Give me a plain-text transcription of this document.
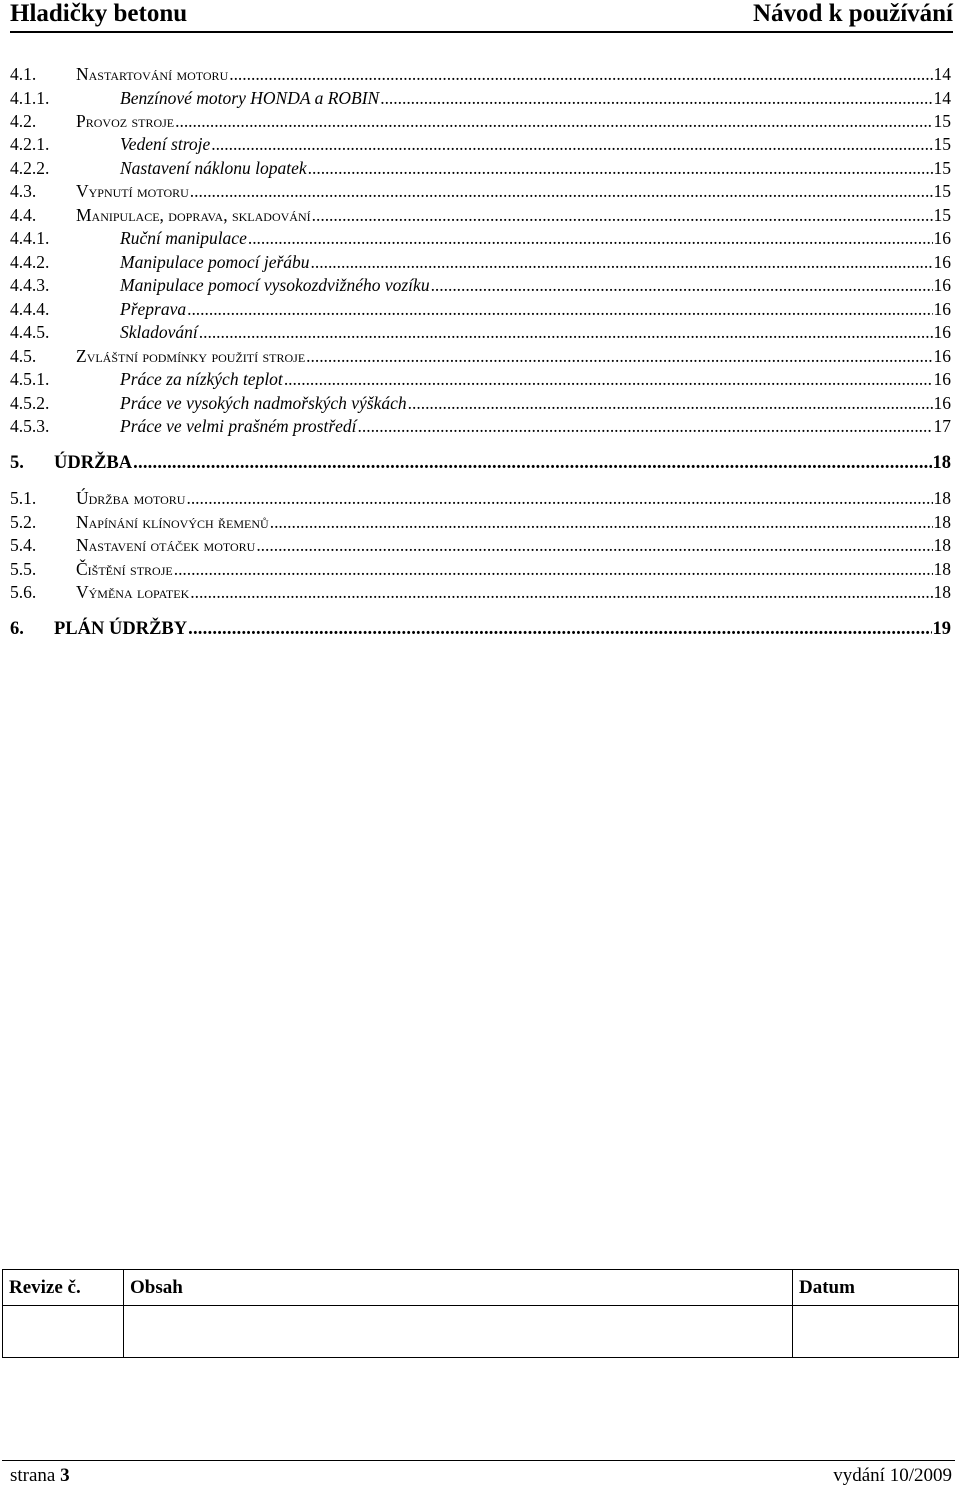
Hladičky betonu	Návod k používání
4.1.	Nastartování motoru . . .	14
4.1.1.	Benzínové motory HONDA a ROBIN . . .	14
4.2.	Provoz stroje . . .	15
4.2.1.	Vedení stroje . . .	15
4.2.2.	Nastavení náklonu lopatek . . .	15
4.3.	Vypnutí motoru . . .	15
4.4.	Manipulace, doprava, skladování . . .	15
4.4.1.	Ruční manipulace . . .	16
4.4.2.	Manipulace pomocí jeřábu . . .	16
4.4.3.	Manipulace pomocí vysokozdvižného vozíku . . .	16
4.4.4.	Přeprava . . .	16
4.4.5.	Skladování . . .	16
4.5.	Zvláštní podmínky použití stroje . . .	16
4.5.1.	Práce za nízkých teplot . . .	16
4.5.2.	Práce ve vysokých nadmořských výškách . . .	16
4.5.3.	Práce ve velmi prašném prostředí . . .	17
5.	ÚDRŽBA . . .	18
5.1.	Údržba motoru . . .	18
5.2.	Napínání klínových řemenů . . .	18
5.4.	Nastavení otáček motoru . . .	18
5.5.	Čištění stroje . . .	18
5.6.	Výměna lopatek . . .	18
6.	PLÁN ÚDRŽBY . . .	19
Revize č.	Obsah	Datum

strana 3	vydání 10/2009
